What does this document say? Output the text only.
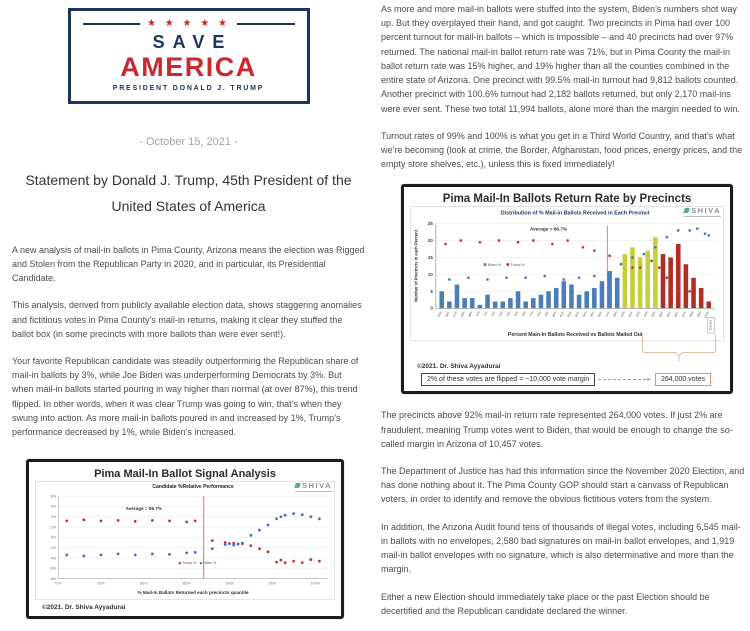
★ ★ ★ ★ ★
SAVE
AMERICA
PRESIDENT DONALD J. TRUMP
- October 15, 2021 -
Statement by Donald J. Trump, 45th President of the United States of America

A new analysis of mail-in ballots in Pima County, Arizona means the election was Rigged and Stolen from the Republican Party in 2020, and in particular, its Presidential Candidate.

This analysis, derived from publicly available election data, shows staggering anomalies and fictitious votes in Pima County’s mail-in returns, making it clear they stuffed the ballot box (in some precincts with more ballots than were ever sent!).

Your favorite Republican candidate was steadily outperforming the Republican share of mail-in ballots by 3%, while Joe Biden was underperforming Democrats by 3%. But when mail-in ballots started pouring in way higher than normal (at over 87%), this trend flipped. In other words, when it was clear Trump was going to win, that’s when they swung into action. As more mail-in ballots poured in and increased by 1%, Trump’s performance decreased by 1%, while Biden’s increased.

Pima Mail-In Ballot Signal Analysis
SHIVA
8%
6%
4%
2%
0%
-2%
-4%
-6%
-8%
70%	75%	80%	85%	90%	95%	100%
Candidate %Relative Performance
Average = 86.7%
Trump % Biden %
% Mail-In Ballots Returned each precincts quantile
©2021. Dr. Shiva Ayyadurai

As more and more mail-in ballots were stuffed into the system, Biden’s numbers shot way up. But they overplayed their hand, and got caught. Two precincts in Pima had over 100 percent turnout for mail-in ballots – which is impossible – and 40 precincts had over 97% returned. The national mail-in ballot return rate was 71%, but in Pima County the mail-in ballot return rate was 15% higher, and 19% higher than all the counties combined in the entire state of Arizona. One precinct with 99.5% mail-in turnout had 9,812 ballots counted. Another precinct with 100.6% turnout had 2,182 ballots returned, but only 2,170 mail-ins were ever sent. These two total 11,994 ballots, alone more than the margin needed to win.

Turnout rates of 99% and 100% is what you get in a Third World Country, and that’s what we’re becoming (look at crime, the Border, Afghanistan, food prices, energy prices, and the empty store shelves, etc.), unless this is fixed immediately!

Pima Mail-In Ballots Return Rate by Precincts
SHIVA
0
5
10
15
20
25
Distribution of % Mail-in Ballots Received in Each Precinct
Number of Precincts in each Percent
65% 66% 67% 68% 69% 70% 71% 72% 73% 74% 75% 76% 77% 78% 79% 80% 81% 82% 83% 84% 85% 86% 87% 88% 89% 90% 91% 92% 93% 94% 95% 96% 97% 98% 99% 100%
Average = 86.7%
Biden %	Trump %
Percent Main-In Ballots Received vs Ballots Mailed Out
100.6%
©2021. Dr. Shiva Ayyadurai
2% of these votes are flipped = ~10,000 vote margin	►	264,000 votes

The precincts above 92% mail-in return rate represented 264,000 votes. If just 2% are fraudulent, meaning Trump votes went to Biden, that would be enough to change the so-called margin in Arizona of 10,457 votes.

The Department of Justice has had this information since the November 2020 Election, and has done nothing about it. The Pima County GOP should start a canvass of Republican voters, in order to identify and remove the obvious fictitious voters from the system.

In addition, the Arizona Audit found tens of thousands of illegal votes, including 6,545 mail-in ballots with no envelopes, 2,580 bad signatures on mail-in ballot envelopes, and 1,919 mail-in ballot envelopes with no signature, which is also determinative and more than the margin.

Either a new Election should immediately take place or the past Election should be decertified and the Republican candidate declared the winner.
